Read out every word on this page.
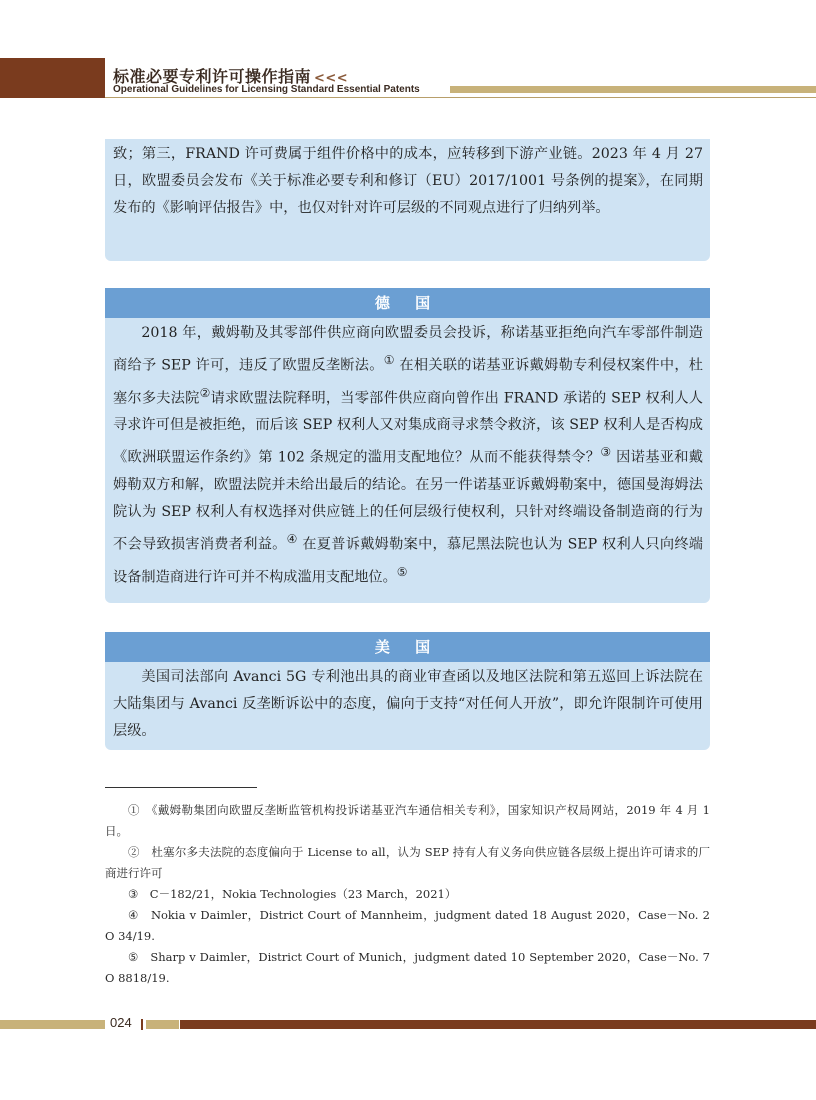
标准必要专利许可操作指南 <<<
Operational Guidelines for Licensing Standard Essential Patents

致；第三，FRAND 许可费属于组件价格中的成本，应转移到下游产业链。2023 年 4 月 27 日，欧盟委员会发布《关于标准必要专利和修订（EU）2017/1001 号条例的提案》，在同期发布的《影响评估报告》中，也仅对针对许可层级的不同观点进行了归纳列举。

德 国

2018 年，戴姆勒及其零部件供应商向欧盟委员会投诉，称诺基亚拒绝向汽车零部件制造商给予 SEP 许可，违反了欧盟反垄断法。① 在相关联的诺基亚诉戴姆勒专利侵权案件中，杜塞尔多夫法院②请求欧盟法院释明，当零部件供应商向曾作出 FRAND 承诺的 SEP 权利人人寻求许可但是被拒绝，而后该 SEP 权利人又对集成商寻求禁令救济，该 SEP 权利人是否构成《欧洲联盟运作条约》第 102 条规定的滥用支配地位？从而不能获得禁令？③ 因诺基亚和戴姆勒双方和解，欧盟法院并未给出最后的结论。在另一件诺基亚诉戴姆勒案中，德国曼海姆法院认为 SEP 权利人有权选择对供应链上的任何层级行使权利，只针对终端设备制造商的行为不会导致损害消费者利益。④ 在夏普诉戴姆勒案中，慕尼黑法院也认为 SEP 权利人只向终端设备制造商进行许可并不构成滥用支配地位。⑤

美 国

美国司法部向 Avanci 5G 专利池出具的商业审查函以及地区法院和第五巡回上诉法院在大陆集团与 Avanci 反垄断诉讼中的态度，偏向于支持“对任何人开放”，即允许限制许可使用层级。

①　《戴姆勒集团向欧盟反垄断监管机构投诉诺基亚汽车通信相关专利》，国家知识产权局网站，2019 年 4 月 1 日。

②　杜塞尔多夫法院的态度偏向于 License to all，认为 SEP 持有人有义务向供应链各层级上提出许可请求的厂商进行许可

③　C－182/21，Nokia Technologies（23 March，2021）

④　Nokia v Daimler，District Court of Mannheim，judgment dated 18 August 2020，Case－No. 2 O 34/19.

⑤　Sharp v Daimler，District Court of Munich，judgment dated 10 September 2020，Case－No. 7 O 8818/19.

024
